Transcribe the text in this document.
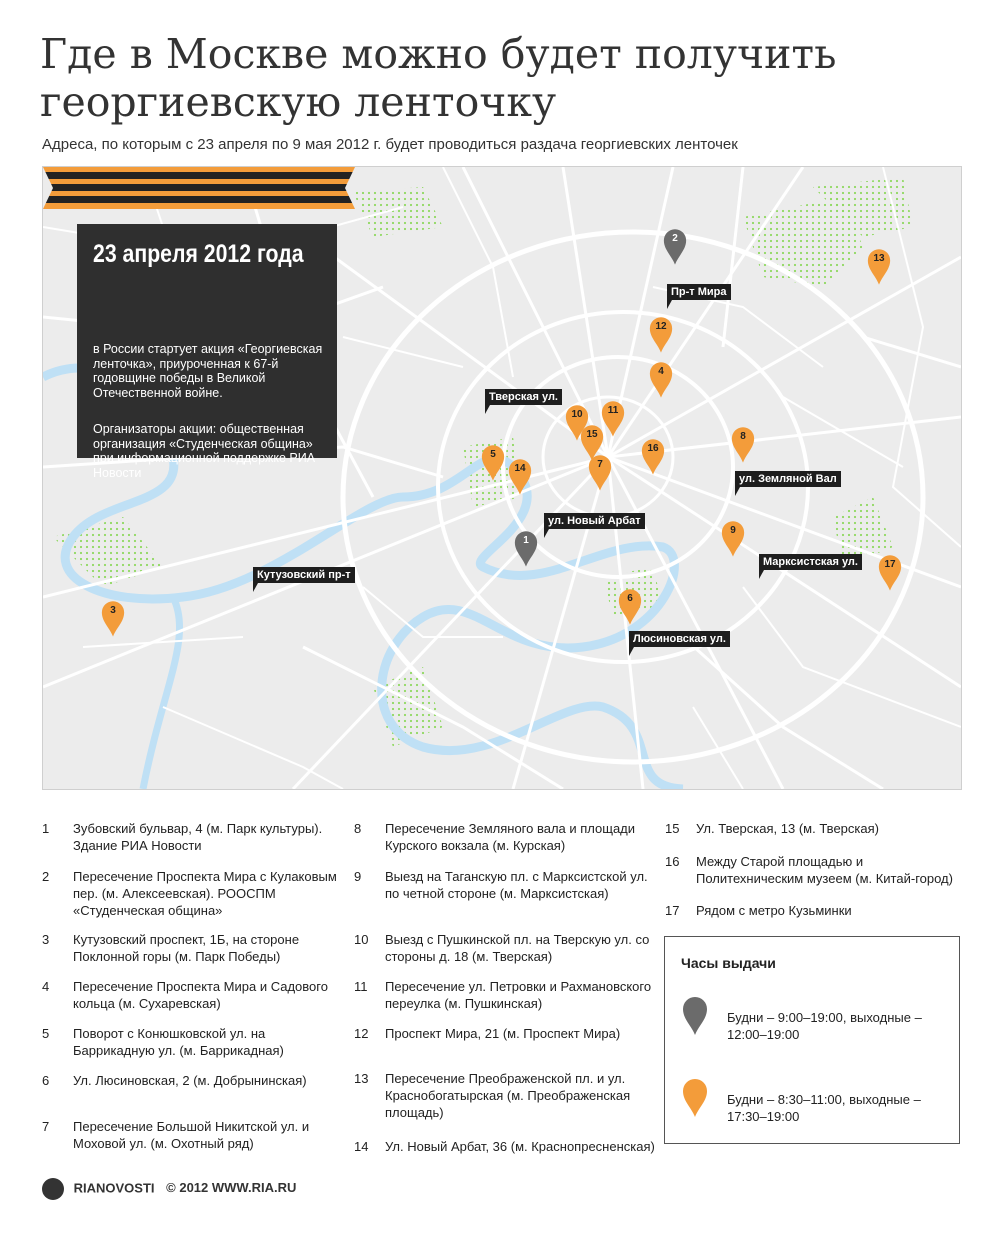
Где в Москве можно будет получить георгиевскую ленточку
Адреса, по которым с 23 апреля по 9 мая 2012 г. будет проводиться раздача георгиевских ленточек
23 апреля 2012 года
в России стартует акция «Георгиевская ленточка», приуроченная к 67-й годовщине победы в Великой Отечественной войне.
Организаторы акции: общественная организация «Студенческая община» при информационной поддержке РИА Новости
Пр-т Мира
Тверская ул.
ул. Земляной Вал
ул. Новый Арбат
Марксистская ул.
Кутузовский пр-т
Люсиновская ул.
1
2
3
4
5
6
7
8
9
10	11
12
13
14
15
16
17
1	Зубовский бульвар, 4 (м. Парк культуры). Здание РИА Новости
2	Пересечение Проспекта Мира с Кулаковым пер. (м. Алексеевская). РООСПМ «Студенческая община»
3	Кутузовский проспект, 1Б, на стороне Поклонной горы (м. Парк Победы)
4	Пересечение Проспекта Мира и Садового кольца (м. Сухаревская)
5	Поворот с Конюшковской ул. на Баррикадную ул. (м. Баррикадная)
6	Ул. Люсиновская, 2 (м. Добрынинская)
7	Пересечение Большой Никитской ул. и Моховой ул. (м. Охотный ряд)
8	Пересечение Земляного вала и площади Курского вокзала (м. Курская)
9	Выезд на Таганскую пл. с Марксистской ул. по четной стороне (м. Марксистская)
10	Выезд с Пушкинской пл. на Тверскую ул. со стороны д. 18 (м. Тверская)
11	Пересечение ул. Петровки и Рахмановского переулка (м. Пушкинская)
12	Проспект Мира, 21 (м. Проспект Мира)
13	Пересечение Преображенской пл. и ул. Краснобогатырская (м. Преображенская площадь)
14	Ул. Новый Арбат, 36 (м. Краснопресненская)
15	Ул. Тверская, 13 (м. Тверская)
16	Между Старой площадью и Политехническим музеем (м. Китай-город)
17	Рядом с метро Кузьминки
Часы выдачи
Будни – 9:00–19:00, выходные – 12:00–19:00
Будни – 8:30–11:00, выходные – 17:30–19:00
RIANOVOSTI © 2012 WWW.RIA.RU
